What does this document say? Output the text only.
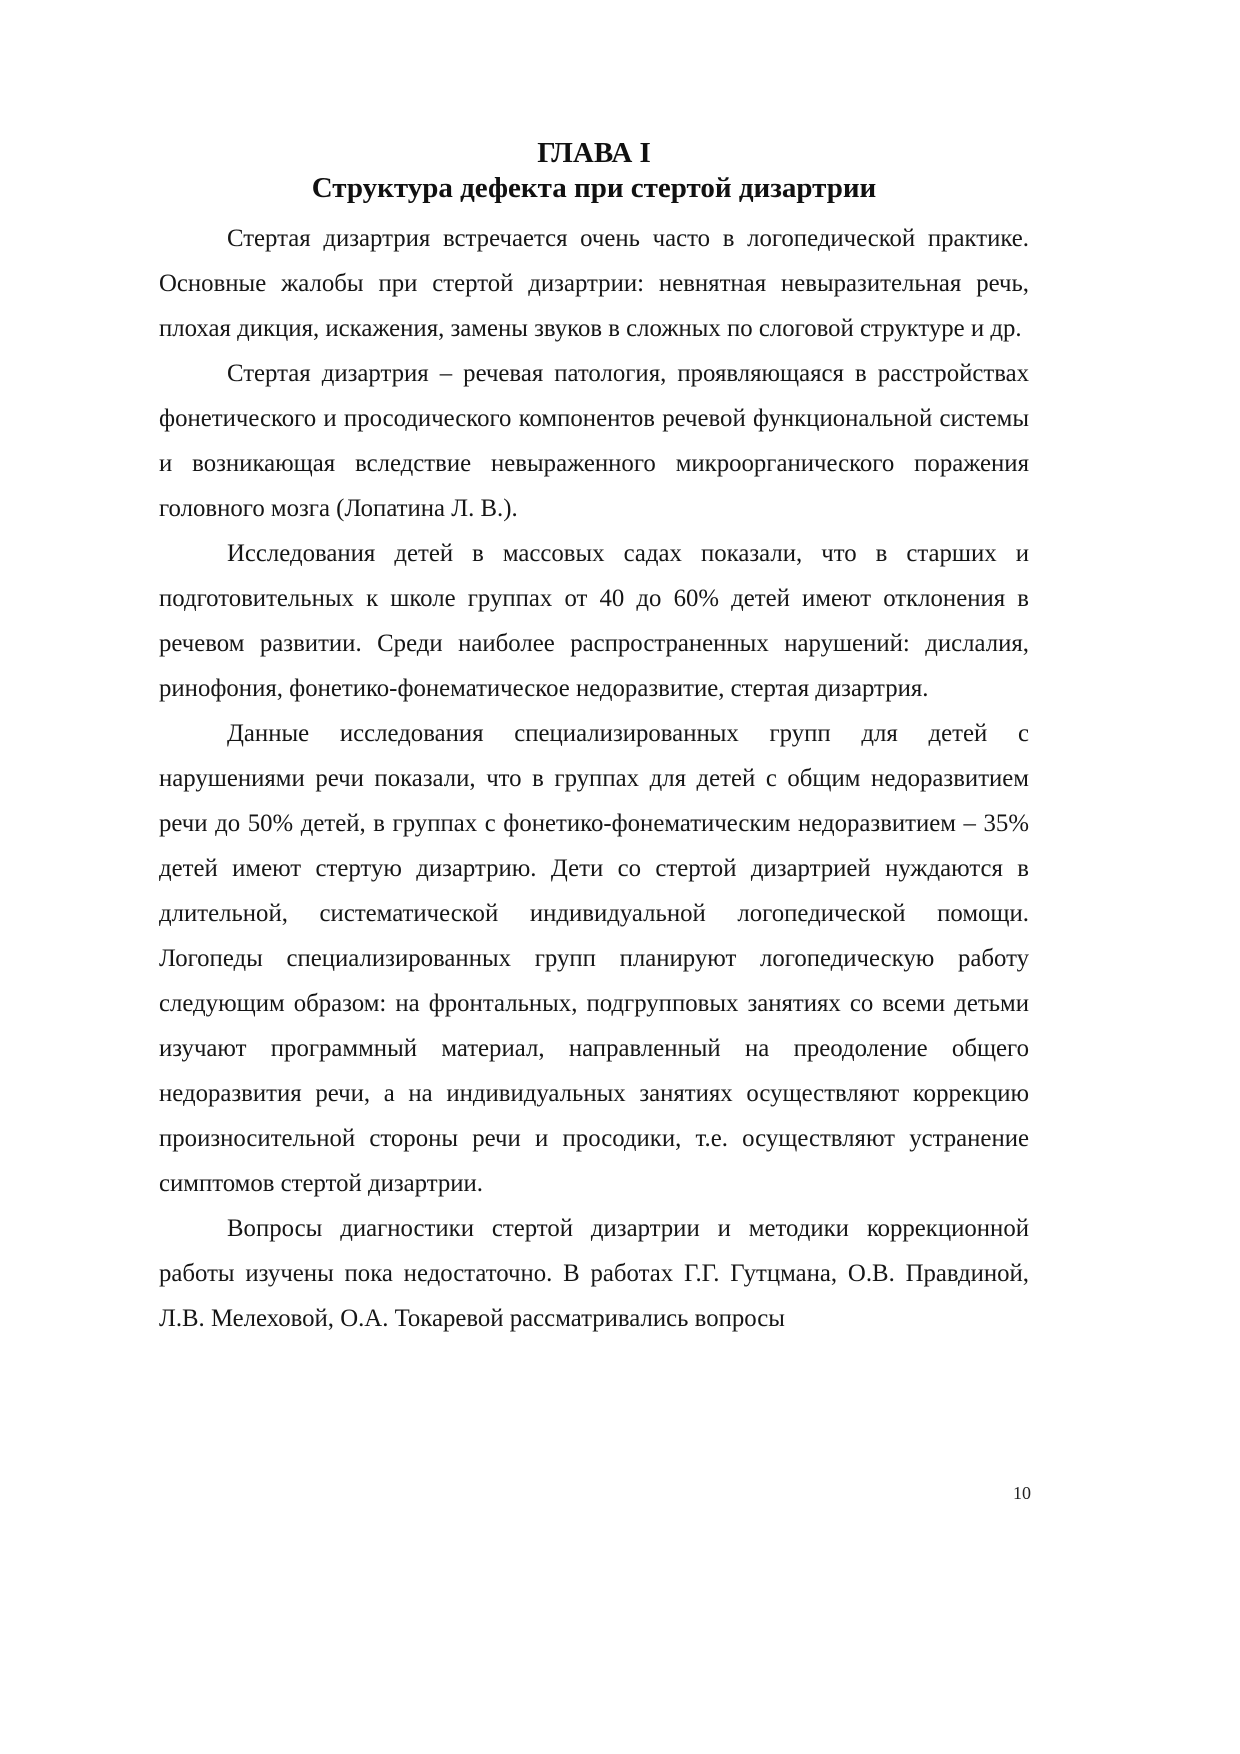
ГЛАВА I
Структура дефекта при стертой дизартрии

Стертая дизартрия встречается очень часто в логопедической практике. Основные жалобы при стертой дизартрии: невнятная невыразительная речь, плохая дикция, искажения, замены звуков в сложных по слоговой структуре и др.

Стертая дизартрия – речевая патология, проявляющаяся в расстройствах фонетического и просодического компонентов речевой функциональной системы и возникающая вследствие невыраженного микроорганического поражения головного мозга (Лопатина Л. В.).

Исследования детей в массовых садах показали, что в старших и подготовительных к школе группах от 40 до 60% детей имеют отклонения в речевом развитии. Среди наиболее распространенных нарушений: дислалия, ринофония, фонетико-фонематическое недоразвитие, стертая дизартрия.

Данные исследования специализированных групп для детей с нарушениями речи показали, что в группах для детей с общим недоразвитием речи до 50% детей, в группах с фонетико-фонематическим недоразвитием – 35% детей имеют стертую дизартрию. Дети со стертой дизартрией нуждаются в длительной, систематической индивидуальной логопедической помощи. Логопеды специализированных групп планируют логопедическую работу следующим образом: на фронтальных, подгрупповых занятиях со всеми детьми изучают программный материал, направленный на преодоление общего недоразвития речи, а на индивидуальных занятиях осуществляют коррекцию произносительной стороны речи и просодики, т.е. осуществляют устранение симптомов стертой дизартрии.

Вопросы диагностики стертой дизартрии и методики коррекционной работы изучены пока недостаточно. В работах Г.Г. Гутцмана, О.В. Правдиной, Л.В. Мелеховой, О.А. Токаревой рассматривались вопросы

10
